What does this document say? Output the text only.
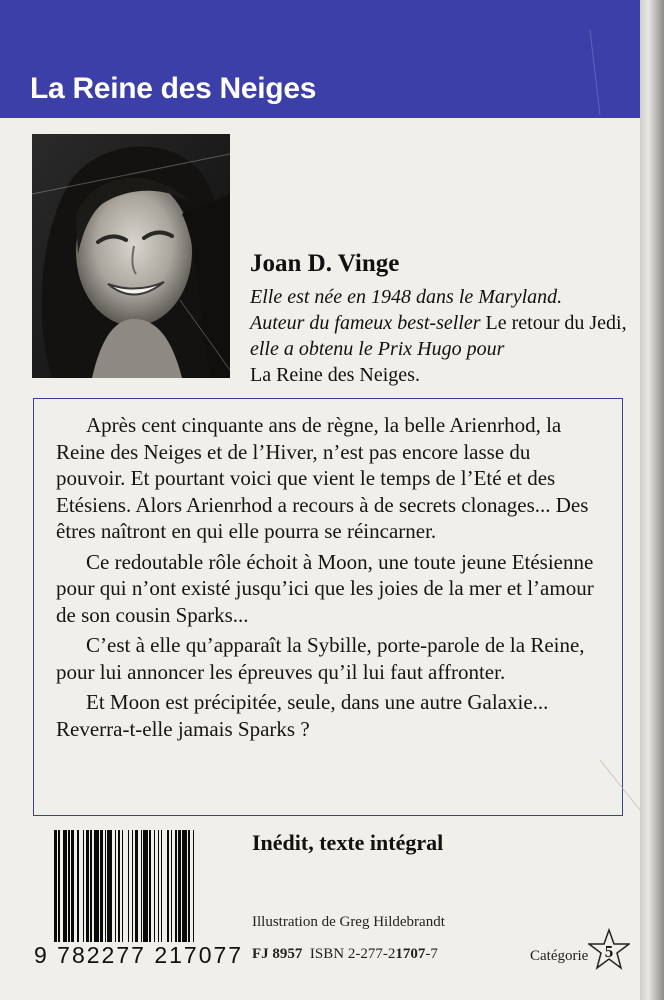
La Reine des Neiges
Joan D. Vinge

Elle est née en 1948 dans le Maryland.
Auteur du fameux best-seller Le retour du Jedi, elle a obtenu le Prix Hugo pour
La Reine des Neiges.

Après cent cinquante ans de règne, la belle Arienrhod, la Reine des Neiges et de l’Hiver, n’est pas encore lasse du pouvoir. Et pourtant voici que vient le temps de l’Eté et des Etésiens. Alors Arienrhod a recours à de secrets clonages... Des êtres naîtront en qui elle pourra se réincarner.

Ce redoutable rôle échoit à Moon, une toute jeune Etésienne pour qui n’ont existé jusqu’ici que les joies de la mer et l’amour de son cousin Sparks...

C’est à elle qu’apparaît la Sybille, porte-parole de la Reine, pour lui annoncer les épreuves qu’il lui faut affronter.

Et Moon est précipitée, seule, dans une autre Galaxie... Reverra-t-elle jamais Sparks ?

9 782277 217077
Inédit, texte intégral
Illustration de Greg Hildebrandt
FJ 8957 ISBN 2-277-21707-7	Catégorie 5
